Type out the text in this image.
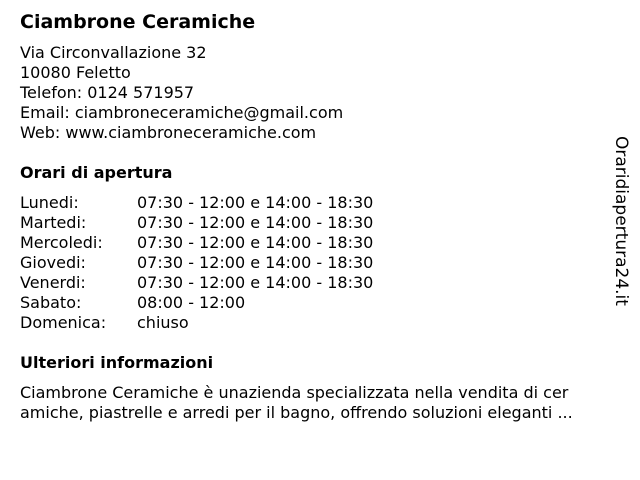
Ciambrone Ceramiche
Via Circonvallazione 32
10080 Feletto
Telefon: 0124 571957
Email: ciambroneceramiche@gmail.com
Web: www.ciambroneceramiche.com
Orari di apertura
Lunedi:	07:30 - 12:00 e 14:00 - 18:30
Martedi:	07:30 - 12:00 e 14:00 - 18:30
Mercoledi:	07:30 - 12:00 e 14:00 - 18:30
Giovedi:	07:30 - 12:00 e 14:00 - 18:30
Venerdi:	07:30 - 12:00 e 14:00 - 18:30
Sabato:	08:00 - 12:00
Domenica:	chiuso
Ulteriori informazioni
Ciambrone Ceramiche è unazienda specializzata nella vendita di cer
amiche, piastrelle e arredi per il bagno, offrendo soluzioni eleganti ...
Oraridiapertura24.it
